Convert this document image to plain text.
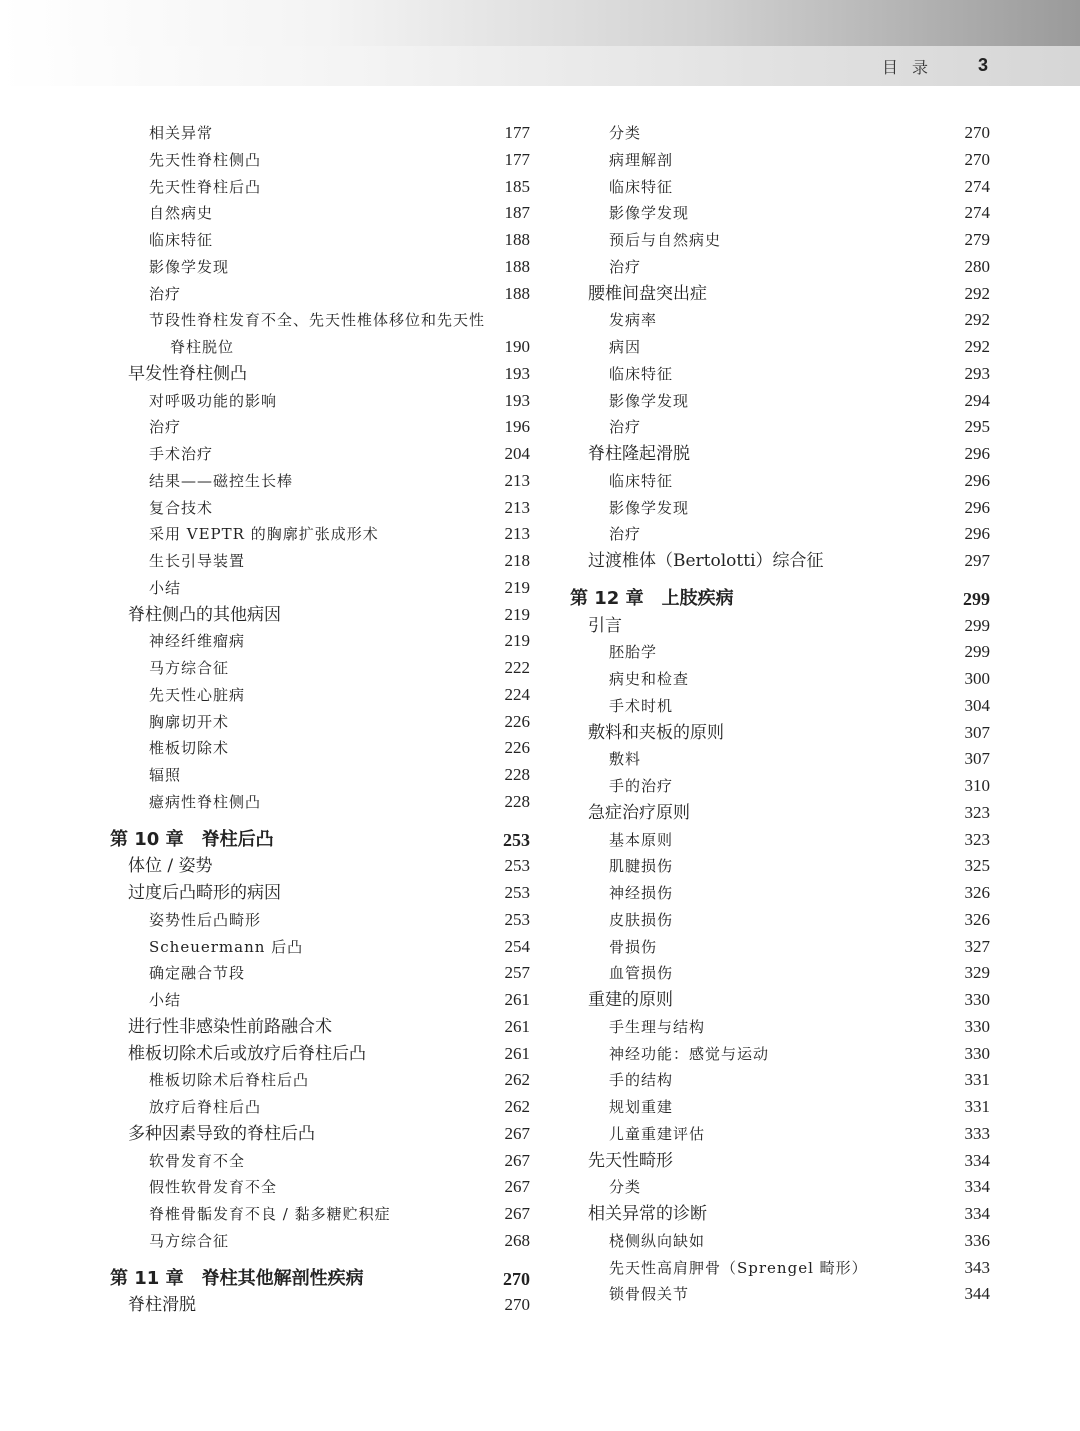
目录 3
相关异常	177
先天性脊柱侧凸	177
先天性脊柱后凸	185
自然病史	187
临床特征	188
影像学发现	188
治疗	188
节段性脊柱发育不全、先天性椎体移位和先天性
脊柱脱位	190
早发性脊柱侧凸	193
对呼吸功能的影响	193
治疗	196
手术治疗	204
结果——磁控生长棒	213
复合技术	213
采用 VEPTR 的胸廓扩张成形术	213
生长引导装置	218
小结	219
脊柱侧凸的其他病因	219
神经纤维瘤病	219
马方综合征	222
先天性心脏病	224
胸廓切开术	226
椎板切除术	226
辐照	228
癔病性脊柱侧凸	228
第 10 章　脊柱后凸	253
体位 / 姿势	253
过度后凸畸形的病因	253
姿势性后凸畸形	253
Scheuermann 后凸	254
确定融合节段	257
小结	261
进行性非感染性前路融合术	261
椎板切除术后或放疗后脊柱后凸	261
椎板切除术后脊柱后凸	262
放疗后脊柱后凸	262
多种因素导致的脊柱后凸	267
软骨发育不全	267
假性软骨发育不全	267
脊椎骨骺发育不良 / 黏多糖贮积症	267
马方综合征	268
第 11 章　脊柱其他解剖性疾病	270
脊柱滑脱	270
分类	270
病理解剖	270
临床特征	274
影像学发现	274
预后与自然病史	279
治疗	280
腰椎间盘突出症	292
发病率	292
病因	292
临床特征	293
影像学发现	294
治疗	295
脊柱隆起滑脱	296
临床特征	296
影像学发现	296
治疗	296
过渡椎体（Bertolotti）综合征	297
第 12 章　上肢疾病	299
引言	299
胚胎学	299
病史和检查	300
手术时机	304
敷料和夹板的原则	307
敷料	307
手的治疗	310
急症治疗原则	323
基本原则	323
肌腱损伤	325
神经损伤	326
皮肤损伤	326
骨损伤	327
血管损伤	329
重建的原则	330
手生理与结构	330
神经功能：感觉与运动	330
手的结构	331
规划重建	331
儿童重建评估	333
先天性畸形	334
分类	334
相关异常的诊断	334
桡侧纵向缺如	336
先天性高肩胛骨（Sprengel 畸形）	343
锁骨假关节	344
